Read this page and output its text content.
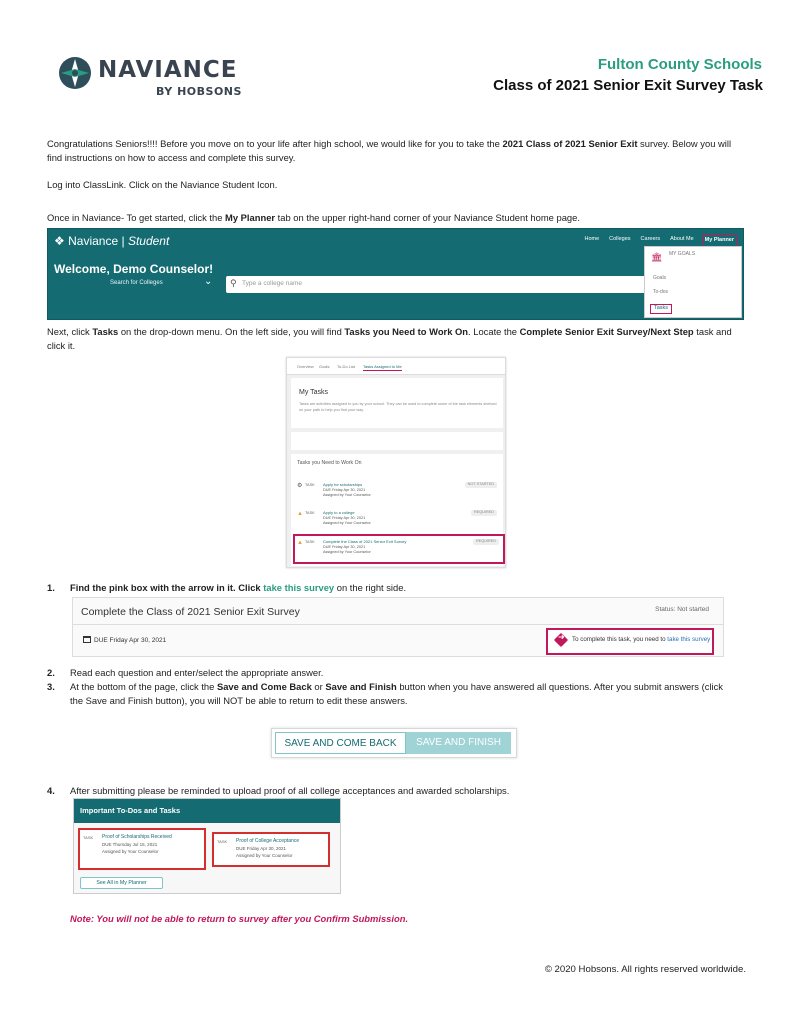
NAVIANCE
BY HOBSONS
Fulton County Schools
Class of 2021 Senior Exit Survey Task
Congratulations Seniors!!!! Before you move on to your life after high school, we would like for you to take the 2021 Class of 2021 Senior Exit survey. Below you will find instructions on how to access and complete this survey.
Log into ClassLink. Click on the Naviance Student Icon.
Once in Naviance- To get started, click the My Planner tab on the upper right-hand corner of your Naviance Student home page.
❖ Naviance | Student	Home	Colleges	Careers	About Me	My Planner
Welcome, Demo Counselor!
Search for Colleges	⌄ ⚲ Type a college name
🏛 MY GOALS
Goals
To-dos
Tasks
Next, click Tasks on the drop-down menu. On the left side, you will find Tasks you Need to Work On. Locate the Complete Senior Exit Survey/Next Step task and click it.
Overview Goals To-Do List Tasks Assigned to Me
My Tasks
Tasks are activities assigned to you by your school. They can be used to complete some of the task elements shelved on your path to help you find your way.
Tasks you Need to Work On
⚙ TASK Apply for scholarships
DUE Friday Apr 30, 2021
Assigned by Your Counselor
NOT STARTED
▲ TASK Apply to a college
DUE Friday Apr 30, 2021
Assigned by Your Counselor
REQUIRED
▲ TASK Complete the Class of 2021 Senior Exit Survey
DUE Friday Apr 30, 2021
Assigned by Your Counselor
REQUIRED
1. Find the pink box with the arrow in it. Click take this survey on the right side.
Complete the Class of 2021 Senior Exit Survey	Status: Not started
DUE Friday Apr 30, 2021
➜	To complete this task, you need to take this survey
2. Read each question and enter/select the appropriate answer.
3. At the bottom of the page, click the Save and Come Back or Save and Finish button when you have answered all questions. After you submit answers (click the Save and Finish button), you will NOT be able to return to edit these answers.
SAVE AND COME BACK	SAVE AND FINISH
4. After submitting please be reminded to upload proof of all college acceptances and awarded scholarships.
Important To-Dos and Tasks
TASK Proof of Scholarships Received
DUE Thursday Jul 15, 2021
Assigned by Your Counselor
TASK Proof of College Acceptance
DUE Friday Apr 30, 2021
Assigned by Your Counselor
See All in My Planner
Note: You will not be able to return to survey after you Confirm Submission.
© 2020 Hobsons. All rights reserved worldwide.
